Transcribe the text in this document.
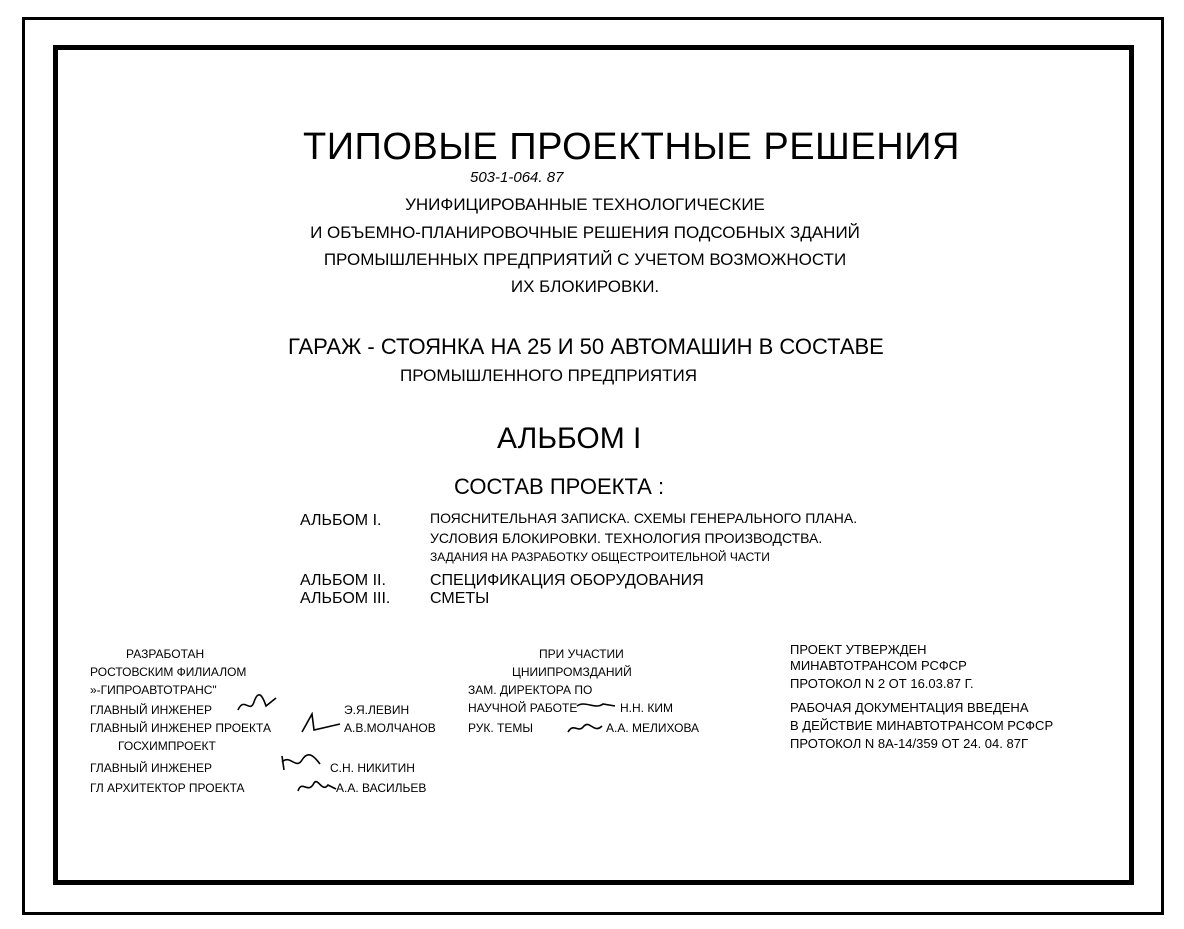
ТИПОВЫЕ ПРОЕКТНЫЕ РЕШЕНИЯ
503-1-064. 87
УНИФИЦИРОВАННЫЕ ТЕХНОЛОГИЧЕСКИЕ
И ОБЪЕМНО-ПЛАНИРОВОЧНЫЕ РЕШЕНИЯ ПОДСОБНЫХ ЗДАНИЙ
ПРОМЫШЛЕННЫХ ПРЕДПРИЯТИЙ С УЧЕТОМ ВОЗМОЖНОСТИ
ИХ БЛОКИРОВКИ.
ГАРАЖ - СТОЯНКА НА 25 И 50 АВТОМАШИН В СОСТАВЕ
ПРОМЫШЛЕННОГО ПРЕДПРИЯТИЯ
АЛЬБОМ I
СОСТАВ ПРОЕКТА :
АЛЬБОМ I.	ПОЯСНИТЕЛЬНАЯ ЗАПИСКА. СХЕМЫ ГЕНЕРАЛЬНОГО ПЛАНА.
УСЛОВИЯ БЛОКИРОВКИ. ТЕХНОЛОГИЯ ПРОИЗВОДСТВА.
ЗАДАНИЯ НА РАЗРАБОТКУ ОБЩЕСТРОИТЕЛЬНОЙ ЧАСТИ
АЛЬБОМ II.	СПЕЦИФИКАЦИЯ ОБОРУДОВАНИЯ
АЛЬБОМ III. СМЕТЫ
РАЗРАБОТАН
РОСТОВСКИМ ФИЛИАЛОМ
»-ГИПРОАВТОТРАНС"
ГЛАВНЫЙ ИНЖЕНЕР	Э.Я.ЛЕВИН
ГЛАВНЫЙ ИНЖЕНЕР ПРОЕКТА	А.В.МОЛЧАНОВ
ГОСХИМПРОЕКТ
ГЛАВНЫЙ ИНЖЕНЕР	С.Н. НИКИТИН
ГЛ АРХИТЕКТОР ПРОЕКТА	А.А. ВАСИЛЬЕВ
ПРИ УЧАСТИИ
ЦНИИПРОМЗДАНИЙ
ЗАМ. ДИРЕКТОРА ПО
НАУЧНОЙ РАБОТЕ	Н.Н. КИМ
РУК. ТЕМЫ	А.А. МЕЛИХОВА
ПРОЕКТ УТВЕРЖДЕН
МИНАВТОТРАНСОМ РСФСР
ПРОТОКОЛ N 2 ОТ 16.03.87 Г.
РАБОЧАЯ ДОКУМЕНТАЦИЯ ВВЕДЕНА
В ДЕЙСТВИЕ МИНАВТОТРАНСОМ РСФСР
ПРОТОКОЛ N 8А-14/359 ОТ 24. 04. 87Г
